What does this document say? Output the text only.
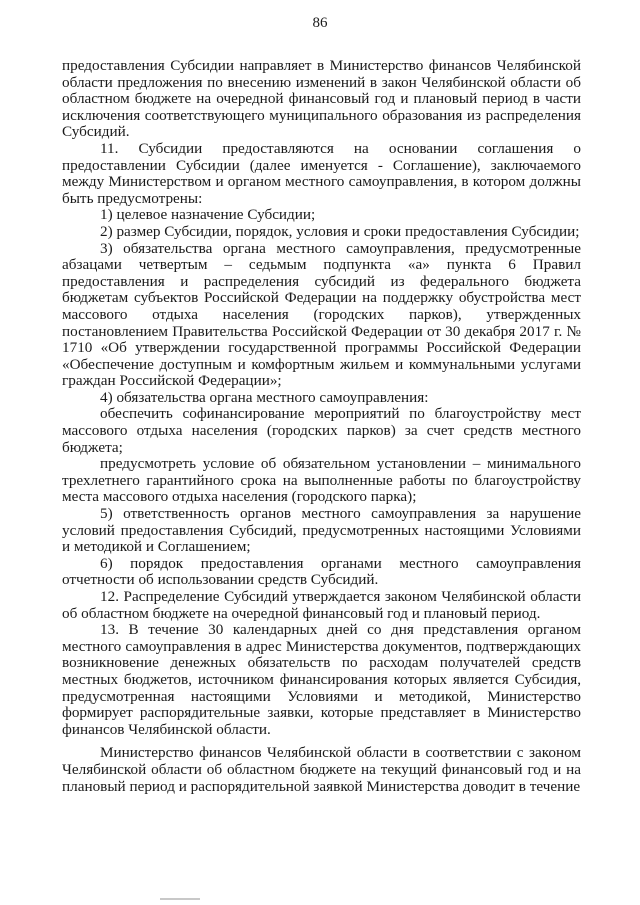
86

предоставления Субсидии направляет в Министерство финансов Челябинской области предложения по внесению изменений в закон Челябинской области об областном бюджете на очередной финансовый год и плановый период в части исключения соответствующего муниципального образования из распределения Субсидий.

11. Субсидии предоставляются на основании соглашения о предоставлении Субсидии (далее именуется - Соглашение), заключаемого между Министерством и органом местного самоуправления, в котором должны быть предусмотрены:

1) целевое назначение Субсидии;

2) размер Субсидии, порядок, условия и сроки предоставления Субсидии;

3) обязательства органа местного самоуправления, предусмотренные абзацами четвертым – седьмым подпункта «а» пункта 6 Правил предоставления и распределения субсидий из федерального бюджета бюджетам субъектов Российской Федерации на поддержку обустройства мест массового отдыха населения (городских парков), утвержденных постановлением Правительства Российской Федерации от 30 декабря 2017 г. № 1710 «Об утверждении государственной программы Российской Федерации «Обеспечение доступным и комфортным жильем и коммунальными услугами граждан Российской Федерации»;

4) обязательства органа местного самоуправления:

обеспечить софинансирование мероприятий по благоустройству мест массового отдыха населения (городских парков) за счет средств местного бюджета;

предусмотреть условие об обязательном установлении – минимального трехлетнего гарантийного срока на выполненные работы по благоустройству места массового отдыха населения (городского парка);

5) ответственность органов местного самоуправления за нарушение условий предоставления Субсидий, предусмотренных настоящими Условиями и методикой и Соглашением;

6) порядок предоставления органами местного самоуправления отчетности об использовании средств Субсидий.

12. Распределение Субсидий утверждается законом Челябинской области об областном бюджете на очередной финансовый год и плановый период.

13. В течение 30 календарных дней со дня представления органом местного самоуправления в адрес Министерства документов, подтверждающих возникновение денежных обязательств по расходам получателей средств местных бюджетов, источником финансирования которых является Субсидия, предусмотренная настоящими Условиями и методикой, Министерство формирует распорядительные заявки, которые представляет в Министерство финансов Челябинской области.

Министерство финансов Челябинской области в соответствии с законом Челябинской области об областном бюджете на текущий финансовый год и на плановый период и распорядительной заявкой Министерства доводит в течение
